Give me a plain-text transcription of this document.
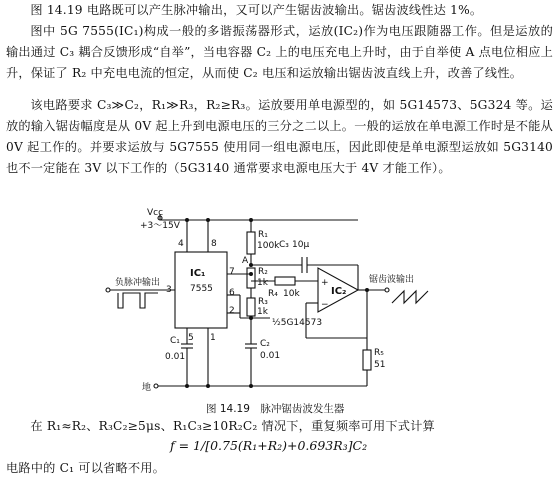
图 14.19 电路既可以产生脉冲输出，又可以产生锯齿波输出。锯齿波线性达 1%。

图中 5G 7555(IC₁)构成一般的多谐振荡器形式，运放(IC₂)作为电压跟随器工作。但是运放的输出通过 C₃ 耦合反馈形成“自举”，当电容器 C₂ 上的电压充电上升时，由于自举使 A 点电位相应上升，保证了 R₂ 中充电电流的恒定，从而使 C₂ 电压和运放输出锯齿波直线上升，改善了线性。

该电路要求 C₃≫C₂，R₁≫R₃，R₂≥R₃。运放要用单电源型的，如 5G14573、5G324 等。运放的输入锯齿幅度是从 0V 起上升到电源电压的三分之二以上。一般的运放在单电源工作时是不能从 0V 起工作的。并要求运放与 5G7555 使用同一组电源电压，因此即使是单电源型运放如 5G3140 也不一定能在 3V 以下工作的（5G3140 通常要求电源电压大于 4V 才能工作）。

Vcc
+3～15V
4	8
IC₁
7555
7
6
2
3
5 1
负脉冲输出
R₁
100k
A
C₃ 10μ
R₂
1k
R₃
1k
R₄ 10k
+
−
IC₂
½5G14573
锯齿波输出
R₅
51
C₁
0.01
C₂
0.01
地
图 14.19　脉冲锯齿波发生器

在 R₁≈R₂、R₃C₂≥5μs、R₁C₃≥10R₂C₂ 情况下，重复频率可用下式计算

f = 1/[0.75(R₁+R₂)+0.693R₃]C₂

电路中的 C₁ 可以省略不用。
